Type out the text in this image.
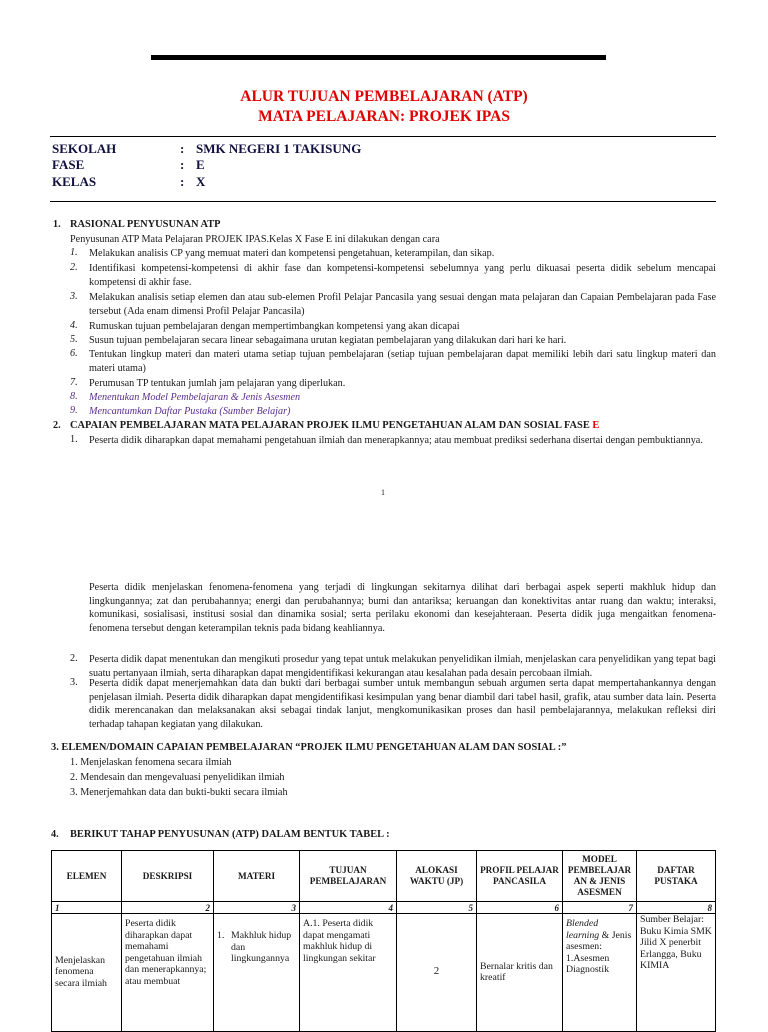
ALUR TUJUAN PEMBELAJARAN (ATP)
MATA PELAJARAN: PROJEK IPAS
SEKOLAH	: SMK NEGERI 1 TAKISUNG
FASE	: E
KELAS	: X
1. RASIONAL PENYUSUNAN ATP
Penyusunan ATP Mata Pelajaran PROJEK IPAS.Kelas X Fase E ini dilakukan dengan cara
1. Melakukan analisis CP yang memuat materi dan kompetensi pengetahuan, keterampilan, dan sikap.
2. Identifikasi kompetensi-kompetensi di akhir fase dan kompetensi-kompetensi sebelumnya yang perlu dikuasai peserta didik sebelum mencapai kompetensi di akhir fase.
3. Melakukan analisis setiap elemen dan atau sub-elemen Profil Pelajar Pancasila yang sesuai dengan mata pelajaran dan Capaian Pembelajaran pada Fase tersebut (Ada enam dimensi Profil Pelajar Pancasila)
4. Rumuskan tujuan pembelajaran dengan mempertimbangkan kompetensi yang akan dicapai
5. Susun tujuan pembelajaran secara linear sebagaimana urutan kegiatan pembelajaran yang dilakukan dari hari ke hari.
6. Tentukan lingkup materi dan materi utama setiap tujuan pembelajaran (setiap tujuan pembelajaran dapat memiliki lebih dari satu lingkup materi dan materi utama)
7. Perumusan TP tentukan jumlah jam pelajaran yang diperlukan.
8. Menentukan Model Pembelajaran & Jenis Asesmen
9. Mencantumkan Daftar Pustaka (Sumber Belajar)
2. CAPAIAN PEMBELAJARAN MATA PELAJARAN PROJEK ILMU PENGETAHUAN ALAM DAN SOSIAL FASE E
1. Peserta didik diharapkan dapat memahami pengetahuan ilmiah dan menerapkannya; atau membuat prediksi sederhana disertai dengan pembuktiannya.
1
Peserta didik menjelaskan fenomena-fenomena yang terjadi di lingkungan sekitarnya dilihat dari berbagai aspek seperti makhluk hidup dan lingkungannya; zat dan perubahannya; energi dan perubahannya; bumi dan antariksa; keruangan dan konektivitas antar ruang dan waktu; interaksi, komunikasi, sosialisasi, institusi sosial dan dinamika sosial; serta perilaku ekonomi dan kesejahteraan. Peserta didik juga mengaitkan fenomena-fenomena tersebut dengan keterampilan teknis pada bidang keahliannya.
2. Peserta didik dapat menentukan dan mengikuti prosedur yang tepat untuk melakukan penyelidikan ilmiah, menjelaskan cara penyelidikan yang tepat bagi suatu pertanyaan ilmiah, serta diharapkan dapat mengidentifikasi kekurangan atau kesalahan pada desain percobaan ilmiah.
3. Peserta didik dapat menerjemahkan data dan bukti dari berbagai sumber untuk membangun sebuah argumen serta dapat mempertahankannya dengan penjelasan ilmiah. Peserta didik diharapkan dapat mengidentifikasi kesimpulan yang benar diambil dari tabel hasil, grafik, atau sumber data lain. Peserta didik merencanakan dan melaksanakan aksi sebagai tindak lanjut, mengkomunikasikan proses dan hasil pembelajarannya, melakukan refleksi diri terhadap tahapan kegiatan yang dilakukan.
3. ELEMEN/DOMAIN CAPAIAN PEMBELAJARAN “PROJEK ILMU PENGETAHUAN ALAM DAN SOSIAL :”
1. Menjelaskan fenomena secara ilmiah
2. Mendesain dan mengevaluasi penyelidikan ilmiah
3. Menerjemahkan data dan bukti-bukti secara ilmiah
4. BERIKUT TAHAP PENYUSUNAN (ATP) DALAM BENTUK TABEL :
ELEMEN	DESKRIPSI	MATERI	TUJUAN PEMBELAJARAN	ALOKASI WAKTU (JP)	PROFIL PELAJAR PANCASILA	MODEL PEMBELAJAR AN & JENIS ASESMEN	DAFTAR PUSTAKA
1	2	3	4	5	6	7	8
Menjelaskan fenomena secara ilmiah	Peserta didik diharapkan dapat memahami pengetahuan ilmiah dan menerapkannya; atau membuat	1. Makhluk hidup dan lingkungannya	A.1. Peserta didik dapat mengamati makhluk hidup di lingkungan sekitar	2	Bernalar kritis dan kreatif	Blended learning & Jenis asesmen: 1.Asesmen Diagnostik	Sumber Belajar: Buku Kimia SMK Jilid X penerbit Erlangga, Buku KIMIA
